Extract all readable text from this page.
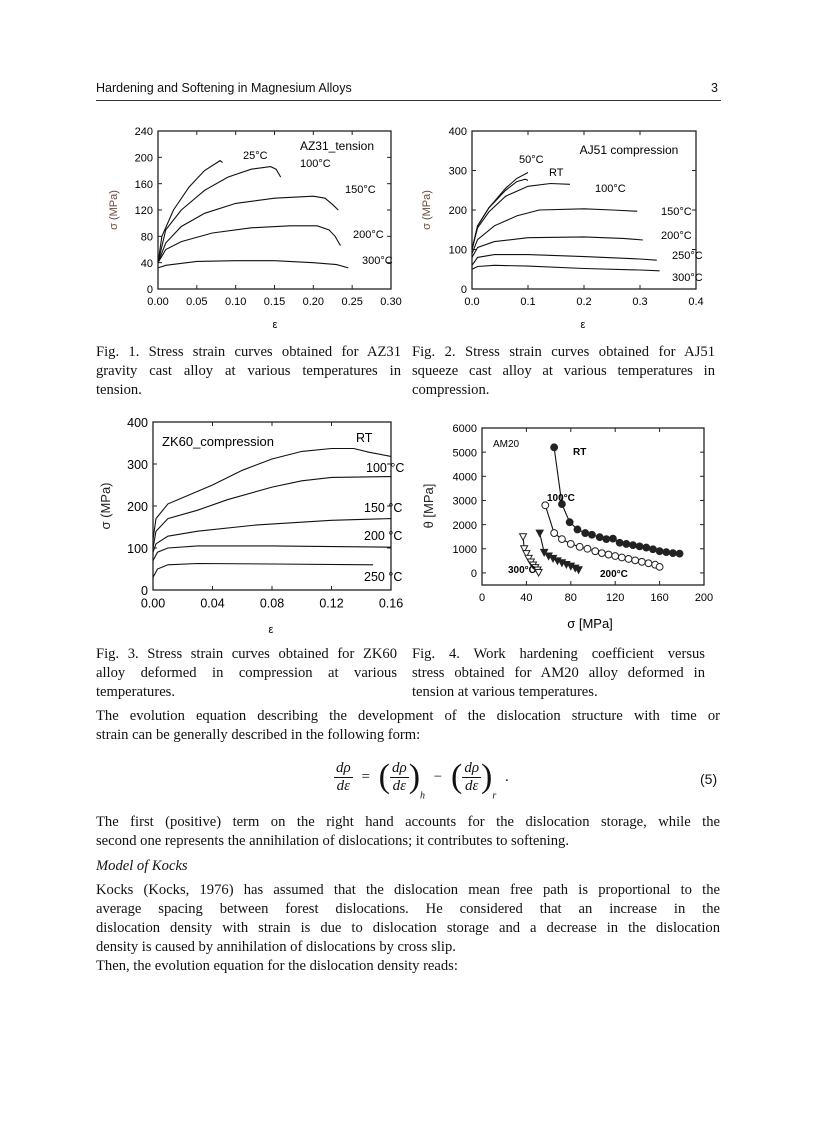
Hardening and Softening in Magnesium Alloys	3
0.00 0.05 0.10 0.15 0.20 0.25 0.30
0
40
80
120
160
200
240
ε
σ (MPa)
AZ31_tension
25°C
100°C
150°C
200°C
300°C
0.0	0.1	0.2	0.3	0.4
0
100
200
300
400
ε
σ (MPa)
AJ51 compression
50°C
RT
100°C
150°C
200°C
250°C
300°C
0.00	0.04	0.08	0.12	0.16
0
100
200
300
400
ε
σ (MPa)
ZK60_compression	RT
100 °C
150 °C
200 °C
250 °C
0	40	80	120 160 200
0
1000
2000
3000
4000
5000
6000
σ [MPa]
θ [MPa]
AM20
RT
100°C
200°C
300°C
Fig. 1. Stress strain curves obtained for AZ31
gravity cast alloy at various temperatures in
tension.
Fig. 2. Stress strain curves obtained for AJ51
squeeze cast alloy at various temperatures in
compression.
Fig. 3. Stress strain curves obtained for ZK60
alloy deformed in compression at various
temperatures.
Fig. 4. Work hardening coefficient versus
stress obtained for AM20 alloy deformed in
tension at various temperatures.
The evolution equation describing the development of the dislocation structure with time or
strain can be generally described in the following form:
$\frac{d\rho}{d\varepsilon}$ = ( $\frac{d\rho}{d\varepsilon} )_h$ − ( $\frac{d\rho}{d\varepsilon} )_r$ .	(5)
The first (positive) term on the right hand accounts for the dislocation storage, while the
second one represents the annihilation of dislocations; it contributes to softening.
Model of Kocks
Kocks (Kocks, 1976) has assumed that the dislocation mean free path is proportional to the
average spacing between forest dislocations. He considered that an increase in the
dislocation density with strain is due to dislocation storage and a decrease in the dislocation
density is caused by annihilation of dislocations by cross slip.
Then, the evolution equation for the dislocation density reads:
